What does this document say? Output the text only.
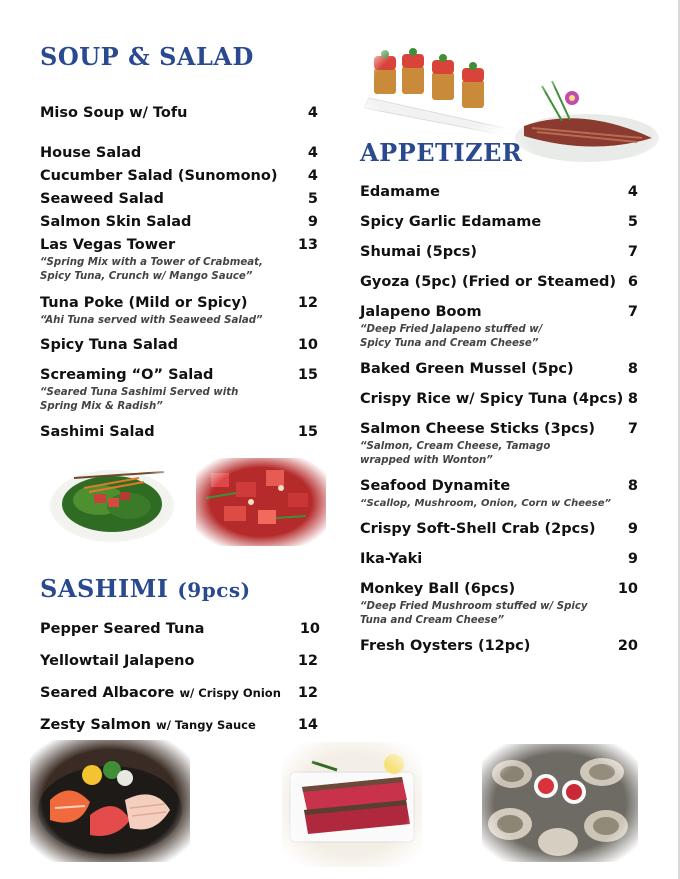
SOUP & SALAD
Miso Soup w/ Tofu	4
House Salad	4
Cucumber Salad (Sunomono) 4
Seaweed Salad	5
Salmon Skin Salad	9
Las Vegas Tower	13
“Spring Mix with a Tower of Crabmeat,
Spicy Tuna, Crunch w/ Mango Sauce”
Tuna Poke (Mild or Spicy)	12
“Ahi Tuna served with Seaweed Salad”
Spicy Tuna Salad	10
Screaming “O” Salad	15
“Seared Tuna Sashimi Served with
Spring Mix & Radish”
Sashimi Salad	15
SASHIMI (9pcs)
Pepper Seared Tuna	10
Yellowtail Jalapeno	12
Seared Albacore w/ Crispy Onion 12
Zesty Salmon w/ Tangy Sauce	14
APPETIZER
Edamame	4
Spicy Garlic Edamame	5
Shumai (5pcs)	7
Gyoza (5pc) (Fried or Steamed) 6
Jalapeno Boom	7
“Deep Fried Jalapeno stuffed w/
Spicy Tuna and Cream Cheese”
Baked Green Mussel (5pc)	8
Crispy Rice w/ Spicy Tuna (4pcs) 8
Salmon Cheese Sticks (3pcs) 7
“Salmon, Cream Cheese, Tamago
wrapped with Wonton”
Seafood Dynamite	8
“Scallop, Mushroom, Onion, Corn w Cheese”
Crispy Soft-Shell Crab (2pcs) 9
Ika-Yaki	9
Monkey Ball (6pcs)	10
“Deep Fried Mushroom stuffed w/ Spicy
Tuna and Cream Cheese”
Fresh Oysters (12pc)	20
